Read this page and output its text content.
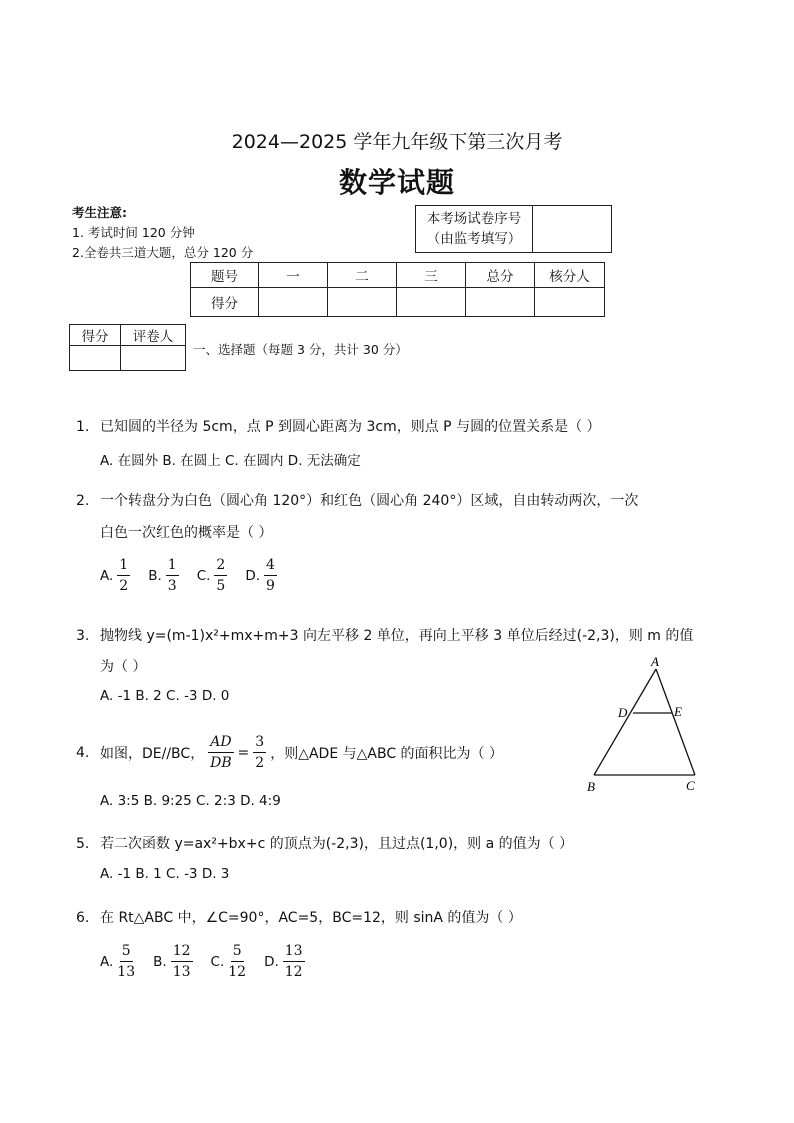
2024—2025 学年九年级下第三次月考
数学试题
考生注意:
1. 考试时间 120 分钟
2.全卷共三道大题，总分 120 分
本考场试卷序号
（由监考填写）

题号	一	二	三	总分	核分人
得分					
得分	评卷人

一、选择题（每题 3 分，共计 30 分）
1. 已知圆的半径为 5cm，点 P 到圆心距离为 3cm，则点 P 与圆的位置关系是（ ）
A. 在圆外 B. 在圆上 C. 在圆内 D. 无法确定
2. 一个转盘分为白色（圆心角 120°）和红色（圆心角 240°）区域，自由转动两次，一次
白色一次红色的概率是（ ）
A. $\frac{1}{2} B$. $\frac{1}{3} C$. $\frac{2}{5} D$. $\frac{4}{9}$
3. 抛物线 y=(m-1)x²+mx+m+3 向左平移 2 单位，再向上平移 3 单位后经过(-2,3)，则 m 的值
为（ ）
A. -1 B. 2 C. -3 D. 0
A
D	E
B	C
4. 如图，DE//BC， $\frac{AD}{DB} = \frac{3}{2}$ ，则△ADE 与△ABC 的面积比为（ ）
A. 3:5 B. 9:25 C. 2:3 D. 4:9
5. 若二次函数 y=ax²+bx+c 的顶点为(-2,3)，且过点(1,0)，则 a 的值为（ ）
A. -1 B. 1 C. -3 D. 3
6. 在 Rt△ABC 中，∠C=90°，AC=5，BC=12，则 sinA 的值为（ ）
A. $\frac{5}{13} B$. $\frac{12}{13} C$. $\frac{5}{12} D$. $\frac{13}{12}$
